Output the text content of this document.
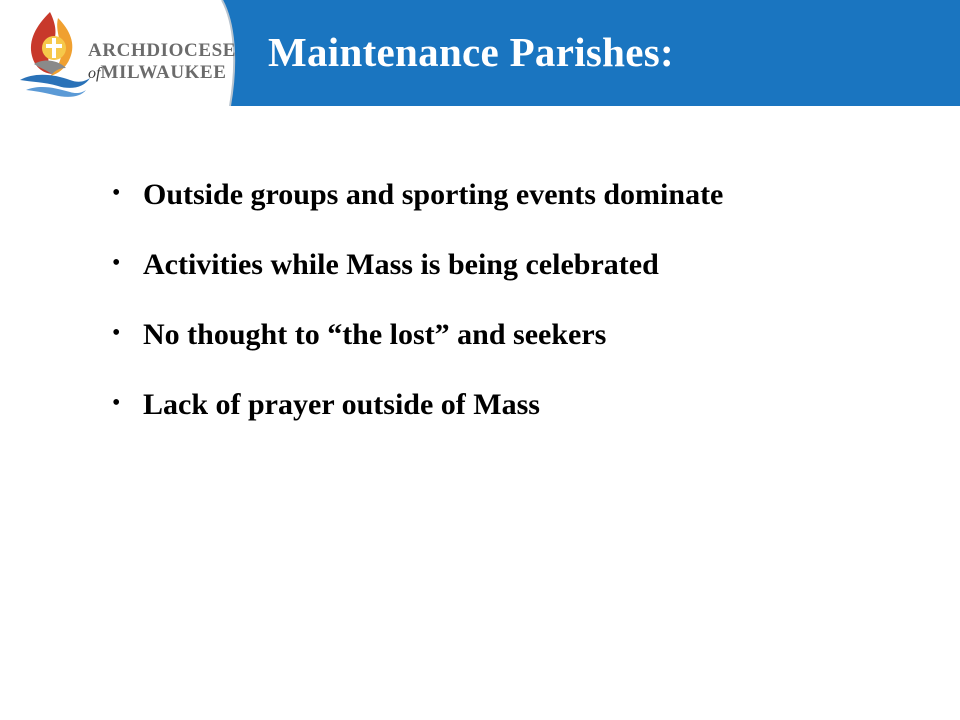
Maintenance Parishes:
ARCHDIOCESE
ofMILWAUKEE
• Outside groups and sporting events dominate
• Activities while Mass is being celebrated
• No thought to “the lost” and seekers
• Lack of prayer outside of Mass
